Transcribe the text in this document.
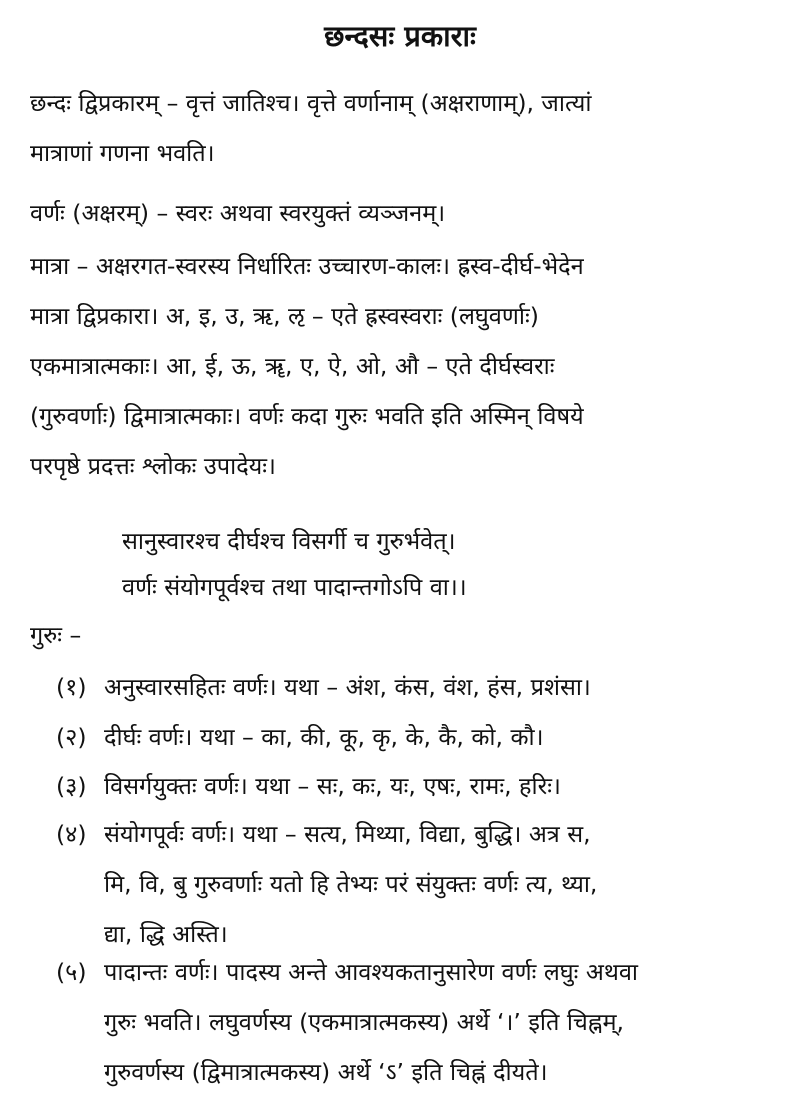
छन्दसः प्रकाराः
छन्दः द्विप्रकारम् – वृत्तं जातिश्च। वृत्ते वर्णानाम् (अक्षराणाम्), जात्यां
मात्राणां गणना भवति।
वर्णः (अक्षरम्) – स्वरः अथवा स्वरयुक्तं व्यञ्जनम्।
मात्रा – अक्षरगत-स्वरस्य निर्धारितः उच्चारण-कालः। ह्रस्व-दीर्घ-भेदेन
मात्रा द्विप्रकारा। अ, इ, उ, ऋ, ऌ – एते ह्रस्वस्वराः (लघुवर्णाः)
एकमात्रात्मकाः। आ, ई, ऊ, ॠ, ए, ऐ, ओ, औ – एते दीर्घस्वराः
(गुरुवर्णाः) द्विमात्रात्मकाः। वर्णः कदा गुरुः भवति इति अस्मिन् विषये
परपृष्ठे प्रदत्तः श्लोकः उपादेयः।
सानुस्वारश्च दीर्घश्च विसर्गी च गुरुर्भवेत्।
वर्णः संयोगपूर्वश्च तथा पादान्तगोऽपि वा।।
गुरुः –
(१) अनुस्वारसहितः वर्णः। यथा – अंश, कंस, वंश, हंस, प्रशंसा।
(२) दीर्घः वर्णः। यथा – का, की, कू, कृ, के, कै, को, कौ।
(३) विसर्गयुक्तः वर्णः। यथा – सः, कः, यः, एषः, रामः, हरिः।
(४) संयोगपूर्वः वर्णः। यथा – सत्य, मिथ्या, विद्या, बुद्धि। अत्र स,
मि, वि, बु गुरुवर्णाः यतो हि तेभ्यः परं संयुक्तः वर्णः त्य, थ्या,
द्या, द्धि अस्ति।
(५) पादान्तः वर्णः। पादस्य अन्ते आवश्यकतानुसारेण वर्णः लघुः अथवा
गुरुः भवति। लघुवर्णस्य (एकमात्रात्मकस्य) अर्थे ‘।’ इति चिह्नम्,
गुरुवर्णस्य (द्विमात्रात्मकस्य) अर्थे ‘ऽ’ इति चिह्नं दीयते।
